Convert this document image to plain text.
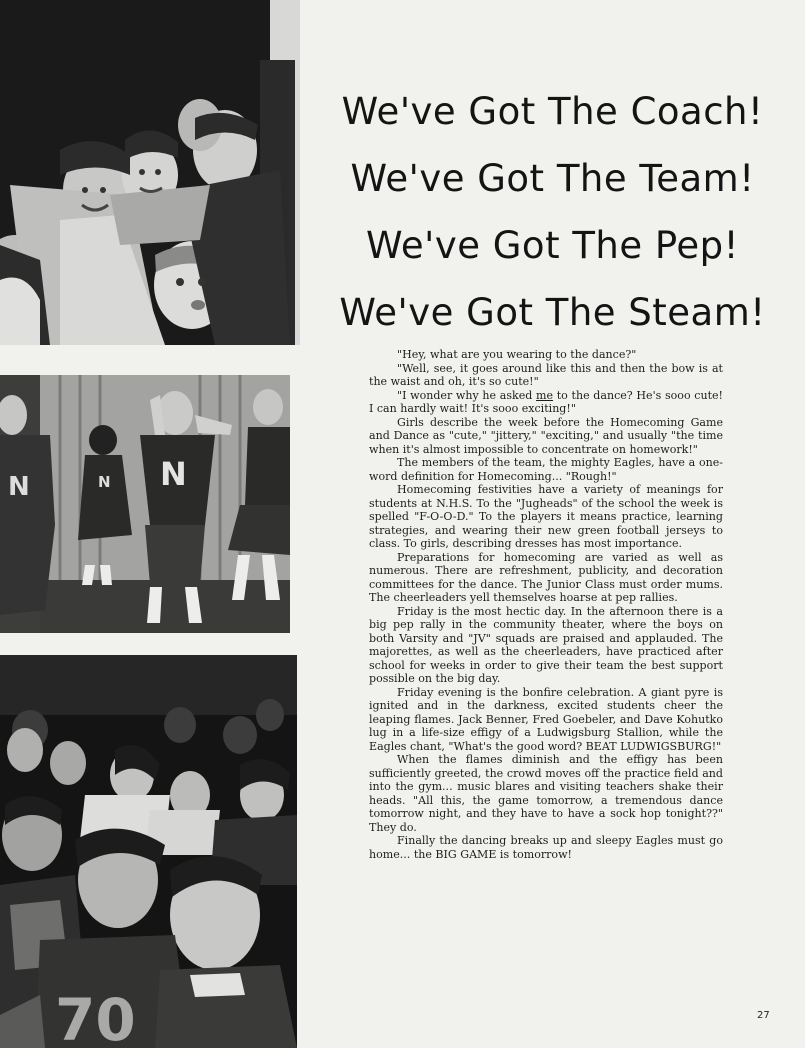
N	N N
70
We've Got The Coach!
We've Got The Team!
We've Got The Pep!
We've Got The Steam!

"Hey, what are you wearing to the dance?"

"Well, see, it goes around like this and then the bow is at the waist and oh, it's so cute!"

"I wonder why he asked me to the dance? He's sooo cute! I can hardly wait! It's sooo exciting!"

Girls describe the week before the Homecoming Game and Dance as "cute," "jittery," "exciting," and usually "the time when it's almost impossible to concentrate on homework!"

The members of the team, the mighty Eagles, have a one-word definition for Homecoming... "Rough!"

Homecoming festivities have a variety of meanings for students at N.H.S. To the "Jugheads" of the school the week is spelled "F-O-O-D." To the players it means practice, learning strategies, and wearing their new green football jerseys to class. To girls, describing dresses has most importance.

Preparations for homecoming are varied as well as numerous. There are refreshment, publicity, and decoration committees for the dance. The Junior Class must order mums. The cheerleaders yell themselves hoarse at pep rallies.

Friday is the most hectic day. In the afternoon there is a big pep rally in the community theater, where the boys on both Varsity and "JV" squads are praised and applauded. The majorettes, as well as the cheerleaders, have practiced after school for weeks in order to give their team the best support possible on the big day.

Friday evening is the bonfire celebration. A giant pyre is ignited and in the darkness, excited students cheer the leaping flames. Jack Benner, Fred Goebeler, and Dave Kohutko lug in a life-size effigy of a Ludwigsburg Stallion, while the Eagles chant, "What's the good word? BEAT LUDWIGSBURG!"

When the flames diminish and the effigy has been sufficiently greeted, the crowd moves off the practice field and into the gym... music blares and visiting teachers shake their heads. "All this, the game tomorrow, a tremendous dance tomorrow night, and they have to have a sock hop tonight??" They do.

Finally the dancing breaks up and sleepy Eagles must go home... the BIG GAME is tomorrow!

27
